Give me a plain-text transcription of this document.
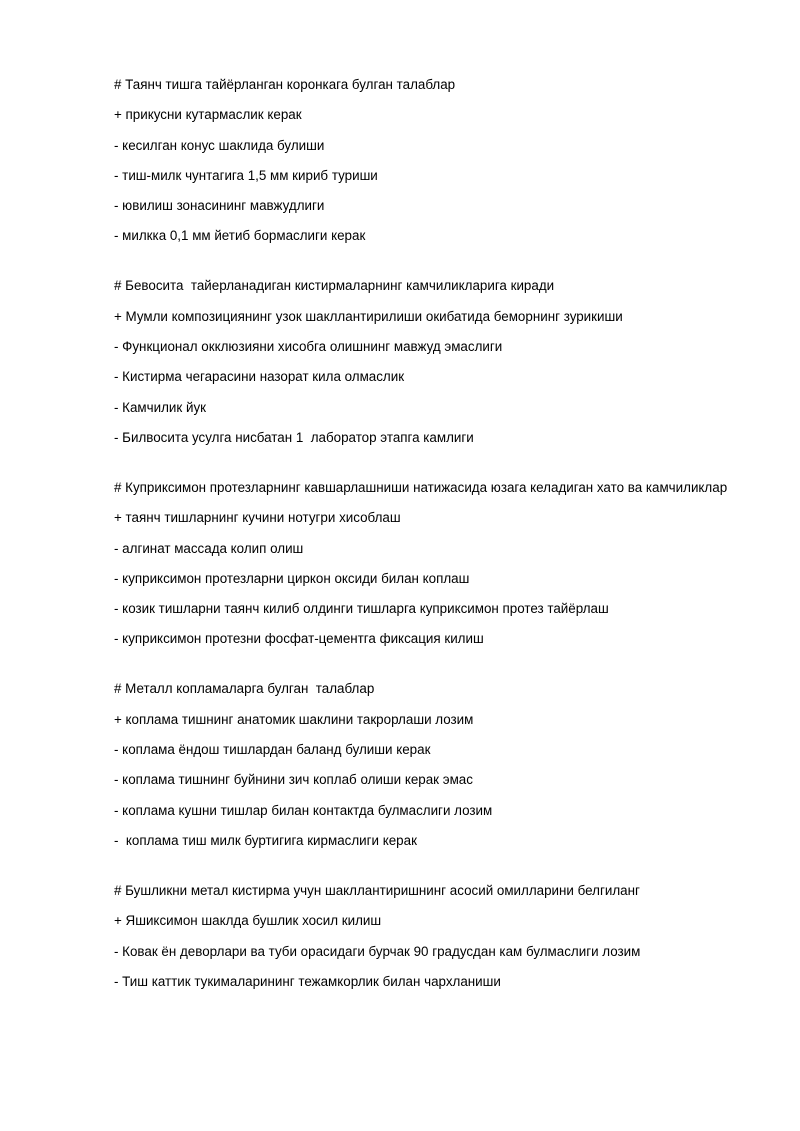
# Таянч тишга тайёрланган коронкага булган талаблар
+ прикусни кутармаслик керак
- кесилган конус шаклида булиши
- тиш-милк чунтагига 1,5 мм кириб туриши
- ювилиш зонасининг мавжудлиги
- милкка 0,1 мм йетиб бормаслиги керак
# Бевосита  тайерланадиган кистирмаларнинг камчиликларига киради
+ Мумли композициянинг узок шакллантирилиши окибатида беморнинг зурикиши
- Функционал окклюзияни хисобга олишнинг мавжуд эмаслиги
- Кистирма чегарасини назорат кила олмаслик
- Камчилик йук
- Билвосита усулга нисбатан 1  лаборатор этапга камлиги
# Куприксимон протезларнинг кавшарлашниши натижасида юзага келадиган хато ва камчиликлар
+ таянч тишларнинг кучини нотугри хисоблаш
- алгинат массада колип олиш
- куприксимон протезларни циркон оксиди билан коплаш
- козик тишларни таянч килиб олдинги тишларга куприксимон протез тайёрлаш
- куприксимон протезни фосфат-цементга фиксация килиш
# Металл копламаларга булган  талаблар
+ коплама тишнинг анатомик шаклини такрорлаши лозим
- коплама ёндош тишлардан баланд булиши керак
- коплама тишнинг буйнини зич коплаб олиши керак эмас
- коплама кушни тишлар билан контактда булмаслиги лозим
-  коплама тиш милк буртигига кирмаслиги керак
# Бушликни метал кистирма учун шакллантиришнинг асосий омилларини белгиланг
+ Яшиксимон шаклда бушлик хосил килиш
- Ковак ён деворлари ва туби орасидаги бурчак 90 градусдан кам булмаслиги лозим
- Тиш каттик тукималарининг тежамкорлик билан чархланиши
